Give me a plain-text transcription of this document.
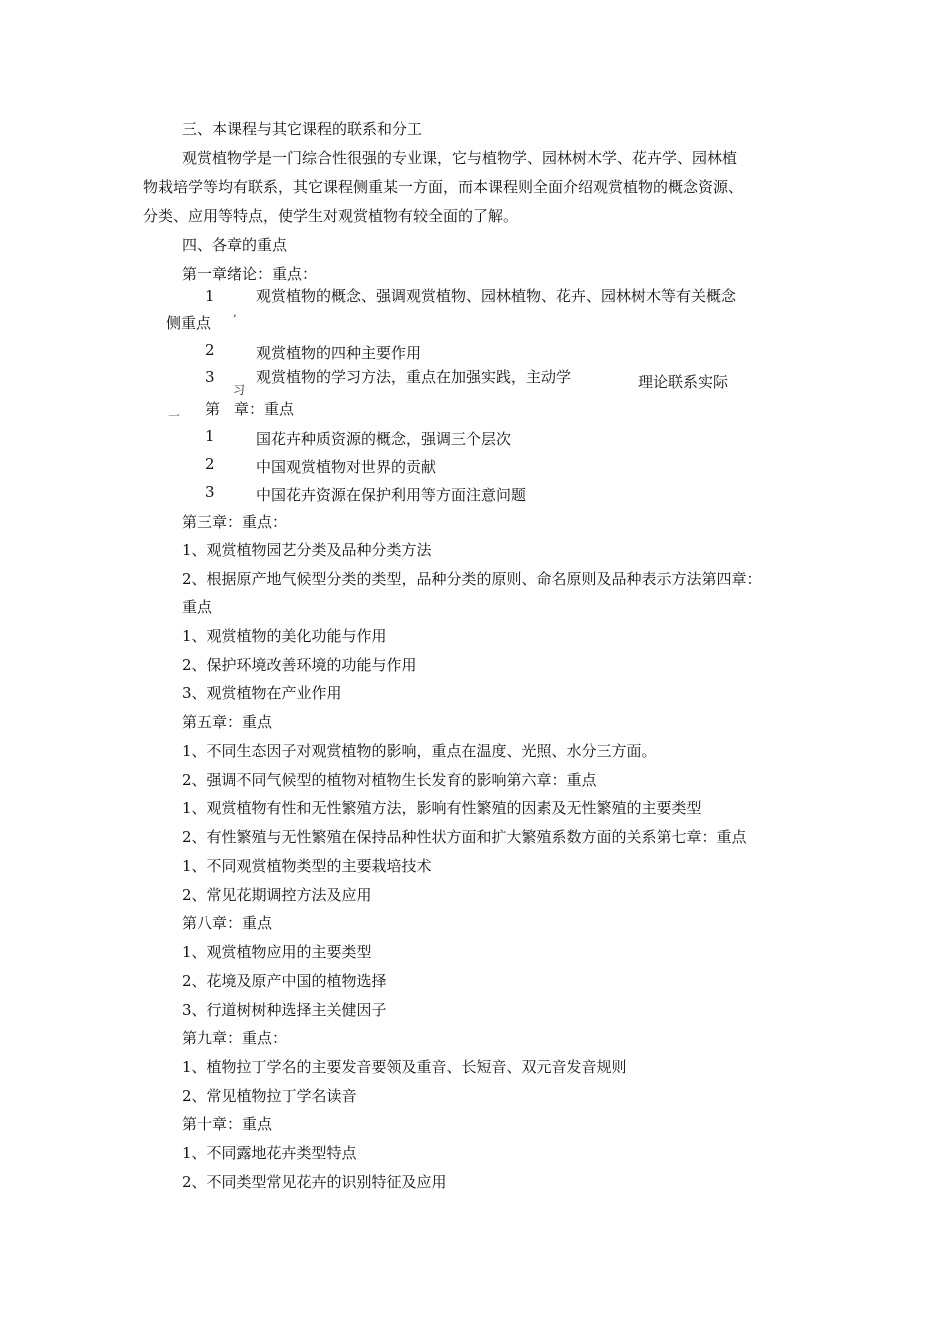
三、本课程与其它课程的联系和分工
观赏植物学是一门综合性很强的专业课，它与植物学、园林树木学、花卉学、园林植
物栽培学等均有联系，其它课程侧重某一方面，而本课程则全面介绍观赏植物的概念资源、
分类、应用等特点，使学生对观赏植物有较全面的了解。
四、各章的重点
第一章绪论：重点：
1	观赏植物的概念、强调观赏植物、园林植物、花卉、园林树木等有关概念
,
侧重点
2	观赏植物的四种主要作用
3	观赏植物的学习方法，重点在加强实践，主动学	理论联系实际
习
第 章：重点
一
1	国花卉种质资源的概念，强调三个层次
2	中国观赏植物对世界的贡献
3	中国花卉资源在保护利用等方面注意问题
第三章：重点：
1、观赏植物园艺分类及品种分类方法
2、根据原产地气候型分类的类型，品种分类的原则、命名原则及品种表示方法第四章：
重点
1、观赏植物的美化功能与作用
2、保护环境改善环境的功能与作用
3、观赏植物在产业作用
第五章：重点
1、不同生态因子对观赏植物的影响，重点在温度、光照、水分三方面。
2、强调不同气候型的植物对植物生长发育的影响第六章：重点
1、观赏植物有性和无性繁殖方法，影响有性繁殖的因素及无性繁殖的主要类型
2、有性繁殖与无性繁殖在保持品种性状方面和扩大繁殖系数方面的关系第七章：重点
1、不同观赏植物类型的主要栽培技术
2、常见花期调控方法及应用
第八章：重点
1、观赏植物应用的主要类型
2、花境及原产中国的植物选择
3、行道树树种选择主关健因子
第九章：重点：
1、植物拉丁学名的主要发音要领及重音、长短音、双元音发音规则
2、常见植物拉丁学名读音
第十章：重点
1、不同露地花卉类型特点
2、不同类型常见花卉的识别特征及应用
